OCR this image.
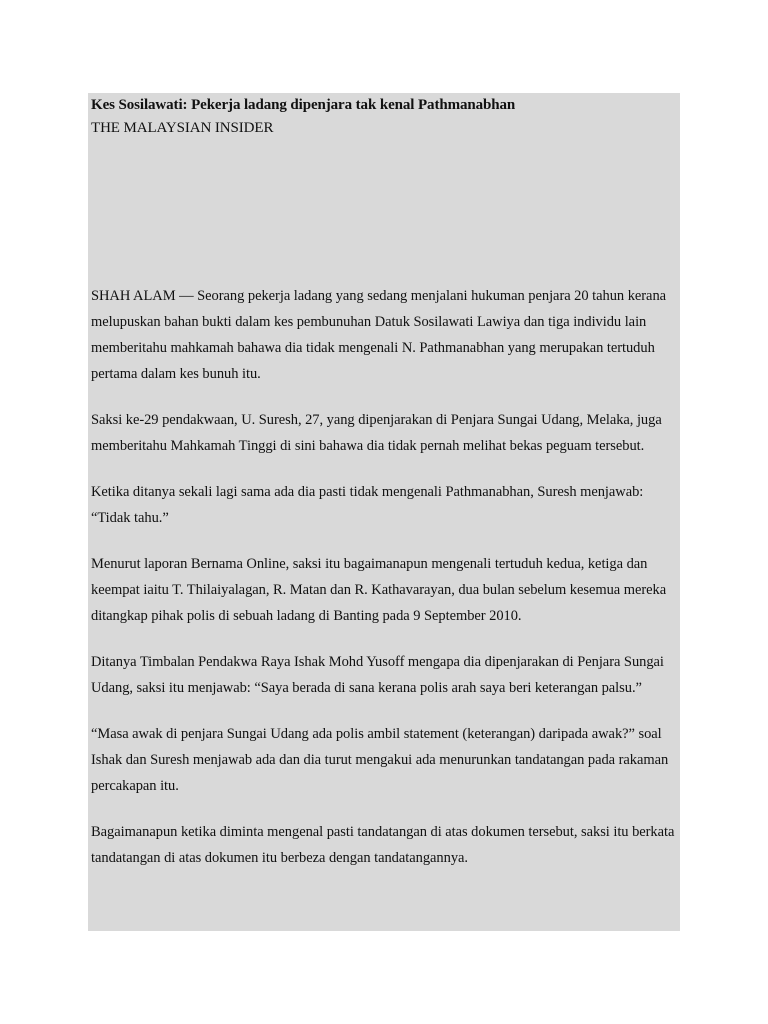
Kes Sosilawati: Pekerja ladang dipenjara tak kenal Pathmanabhan

THE MALAYSIAN INSIDER

SHAH ALAM — Seorang pekerja ladang yang sedang menjalani hukuman penjara 20 tahun kerana melupuskan bahan bukti dalam kes pembunuhan Datuk Sosilawati Lawiya dan tiga individu lain memberitahu mahkamah bahawa dia tidak mengenali N. Pathmanabhan yang merupakan tertuduh pertama dalam kes bunuh itu.

Saksi ke-29 pendakwaan, U. Suresh, 27, yang dipenjarakan di Penjara Sungai Udang, Melaka, juga memberitahu Mahkamah Tinggi di sini bahawa dia tidak pernah melihat bekas peguam tersebut.

Ketika ditanya sekali lagi sama ada dia pasti tidak mengenali Pathmanabhan, Suresh menjawab: “Tidak tahu.”

Menurut laporan Bernama Online, saksi itu bagaimanapun mengenali tertuduh kedua, ketiga dan keempat iaitu T. Thilaiyalagan, R. Matan dan R. Kathavarayan, dua bulan sebelum kesemua mereka ditangkap pihak polis di sebuah ladang di Banting pada 9 September 2010.

Ditanya Timbalan Pendakwa Raya Ishak Mohd Yusoff mengapa dia dipenjarakan di Penjara Sungai Udang, saksi itu menjawab: “Saya berada di sana kerana polis arah saya beri keterangan palsu.”

“Masa awak di penjara Sungai Udang ada polis ambil statement (keterangan) daripada awak?” soal Ishak dan Suresh menjawab ada dan dia turut mengakui ada menurunkan tandatangan pada rakaman percakapan itu.

Bagaimanapun ketika diminta mengenal pasti tandatangan di atas dokumen tersebut, saksi itu berkata tandatangan di atas dokumen itu berbeza dengan tandatangannya.
